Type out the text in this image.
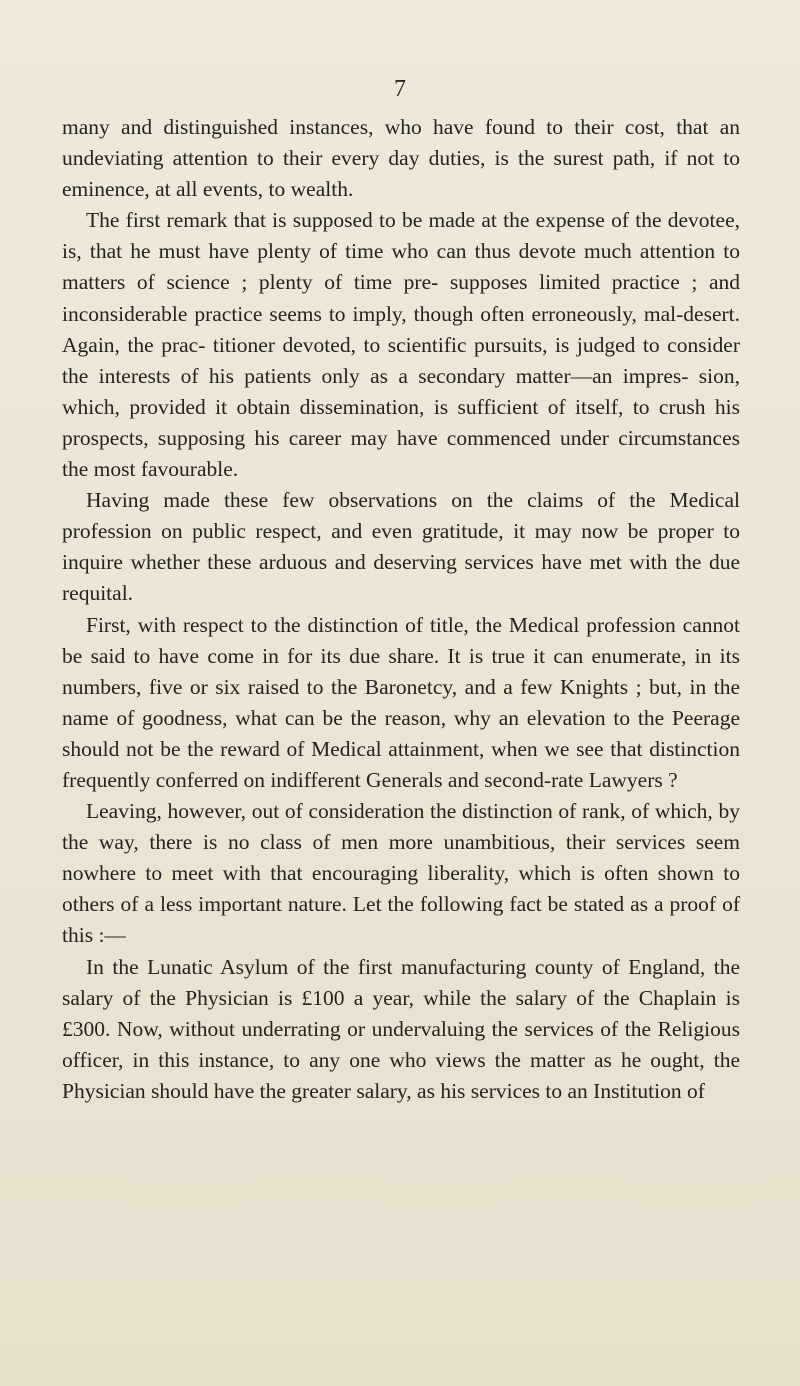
7

many and distinguished instances, who have found to their cost, that an undeviating attention to their every day duties, is the surest path, if not to eminence, at all events, to wealth.

The first remark that is supposed to be made at the expense of the devotee, is, that he must have plenty of time who can thus devote much attention to matters of science ; plenty of time pre- supposes limited practice ; and inconsiderable practice seems to imply, though often erroneously, mal-desert. Again, the prac- titioner devoted, to scientific pursuits, is judged to consider the interests of his patients only as a secondary matter—an impres- sion, which, provided it obtain dissemination, is sufficient of itself, to crush his prospects, supposing his career may have commenced under circumstances the most favourable.

Having made these few observations on the claims of the Medical profession on public respect, and even gratitude, it may now be proper to inquire whether these arduous and deserving services have met with the due requital.

First, with respect to the distinction of title, the Medical profession cannot be said to have come in for its due share. It is true it can enumerate, in its numbers, five or six raised to the Baronetcy, and a few Knights ; but, in the name of goodness, what can be the reason, why an elevation to the Peerage should not be the reward of Medical attainment, when we see that distinction frequently conferred on indifferent Generals and second-rate Lawyers ?

Leaving, however, out of consideration the distinction of rank, of which, by the way, there is no class of men more unambitious, their services seem nowhere to meet with that encouraging liberality, which is often shown to others of a less important nature. Let the following fact be stated as a proof of this :—

In the Lunatic Asylum of the first manufacturing county of England, the salary of the Physician is £100 a year, while the salary of the Chaplain is £300. Now, without underrating or undervaluing the services of the Religious officer, in this instance, to any one who views the matter as he ought, the Physician should have the greater salary, as his services to an Institution of
